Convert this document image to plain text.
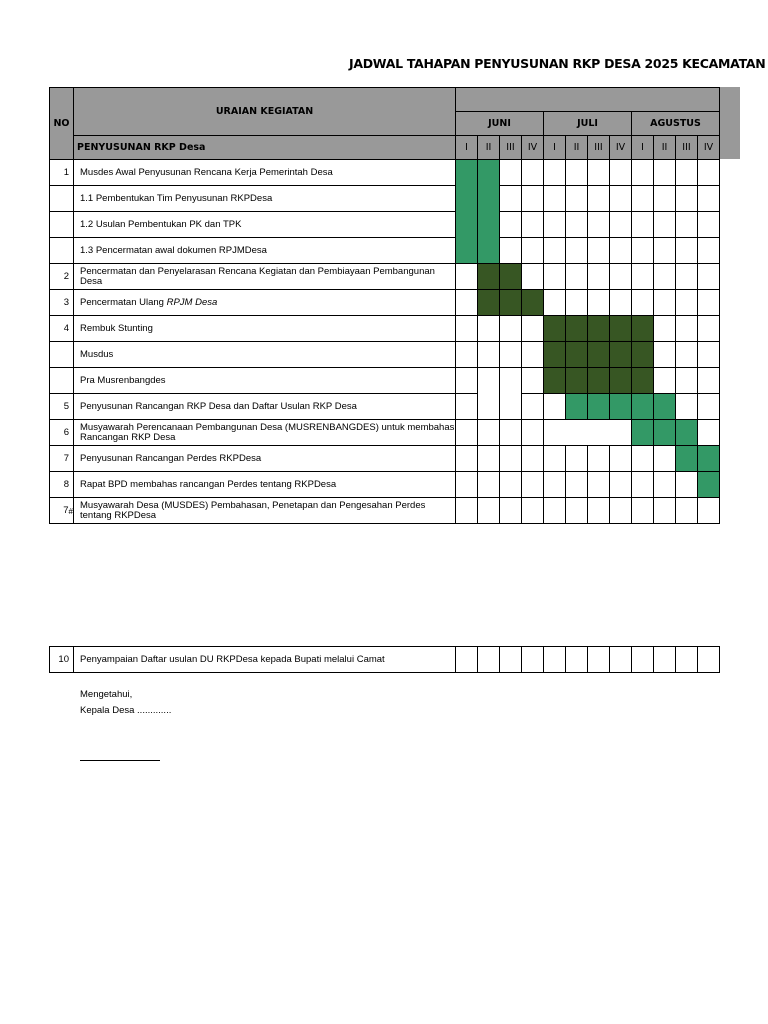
JADWAL TAHAPAN PENYUSUNAN RKP DESA 2025 KECAMATAN
NO	URAIAN KEGIATAN												
		JUNI				JULI				AGUSTUS			
	PENYUSUNAN RKP Desa	I	II	III	IV	I	II	III	IV	I	II	III	IV
1	Musdes Awal Penyusunan Rencana Kerja Pemerintah Desa												
	1.1 Pembentukan Tim Penyusunan RKPDesa												
	1.2 Usulan Pembentukan PK dan TPK												
	1.3 Pencermatan awal dokumen RPJMDesa												
2	Pencermatan dan Penyelarasan Rencana Kegiatan dan Pembiayaan Pembangunan Desa												
3	Pencermatan Ulang RPJM Desa												
4	Rembuk Stunting												
	Musdus												
	Pra Musrenbangdes												
5	Penyusunan Rancangan RKP Desa dan Daftar Usulan RKP Desa												
6	Musyawarah Perencanaan Pembangunan Desa (MUSRENBANGDES) untuk membahas Rancangan RKP Desa												
7	Penyusunan Rancangan Perdes RKPDesa												
8	Rapat BPD membahas rancangan Perdes tentang RKPDesa												
7#	Musyawarah Desa (MUSDES) Pembahasan, Penetapan dan Pengesahan Perdes tentang RKPDesa												
10	Penyampaian Daftar usulan DU RKPDesa kepada Bupati melalui Camat												
Mengetahui,
Kepala Desa .............
